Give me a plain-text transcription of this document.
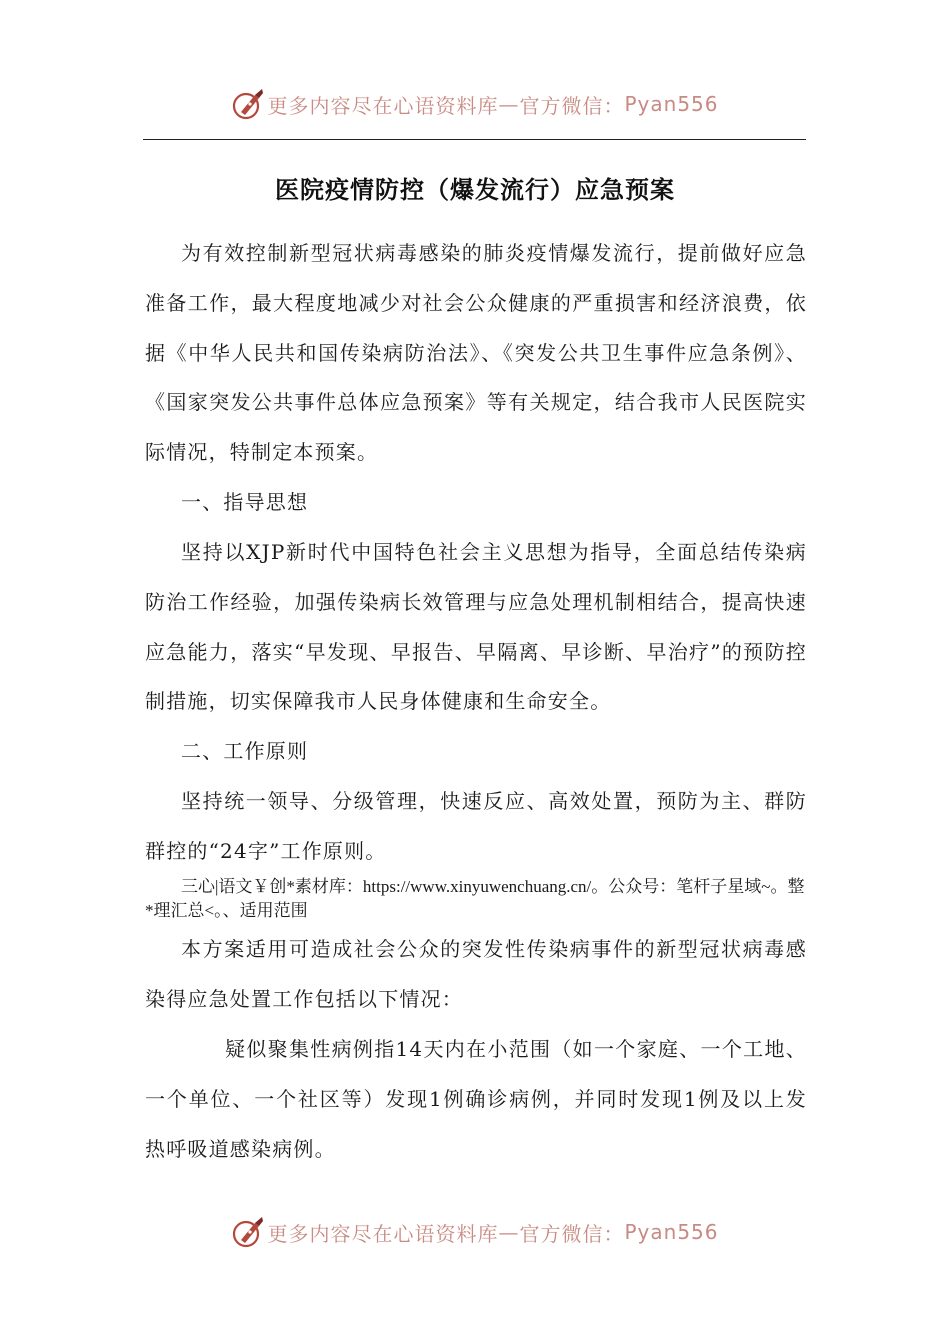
更多内容尽在心语资料库 — 官方微信： Pyan556
医院疫情防控（爆发流行）应急预案

为有效控制新型冠状病毒感染的肺炎疫情爆发流行，提前做好应急准备工作，最大程度地减少对社会公众健康的严重损害和经济浪费，依据《中华人民共和国传染病防治法》、《突发公共卫生事件应急条例》、《国家突发公共事件总体应急预案》等有关规定，结合我市人民医院实际情况，特制定本预案。

一、指导思想

坚持以XJP新时代中国特色社会主义思想为指导，全面总结传染病防治工作经验，加强传染病长效管理与应急处理机制相结合，提高快速应急能力，落实“早发现、早报告、早隔离、早诊断、早治疗”的预防控制措施，切实保障我市人民身体健康和生命安全。

二、工作原则

坚持统一领导、分级管理，快速反应、高效处置，预防为主、群防群控的“24字”工作原则。

三心|语文￥创*素材库：https://www.xinyuwenchuang.cn/。公众号：笔杆子星域~。整*理汇总<。、适用范围

本方案适用可造成社会公众的突发性传染病事件的新型冠状病毒感染得应急处置工作包括以下情况：

疑似聚集性病例指14天内在小范围（如一个家庭、一个工地、一个单位、一个社区等）发现1例确诊病例，并同时发现1例及以上发热呼吸道感染病例。

更多内容尽在心语资料库 — 官方微信： Pyan556
